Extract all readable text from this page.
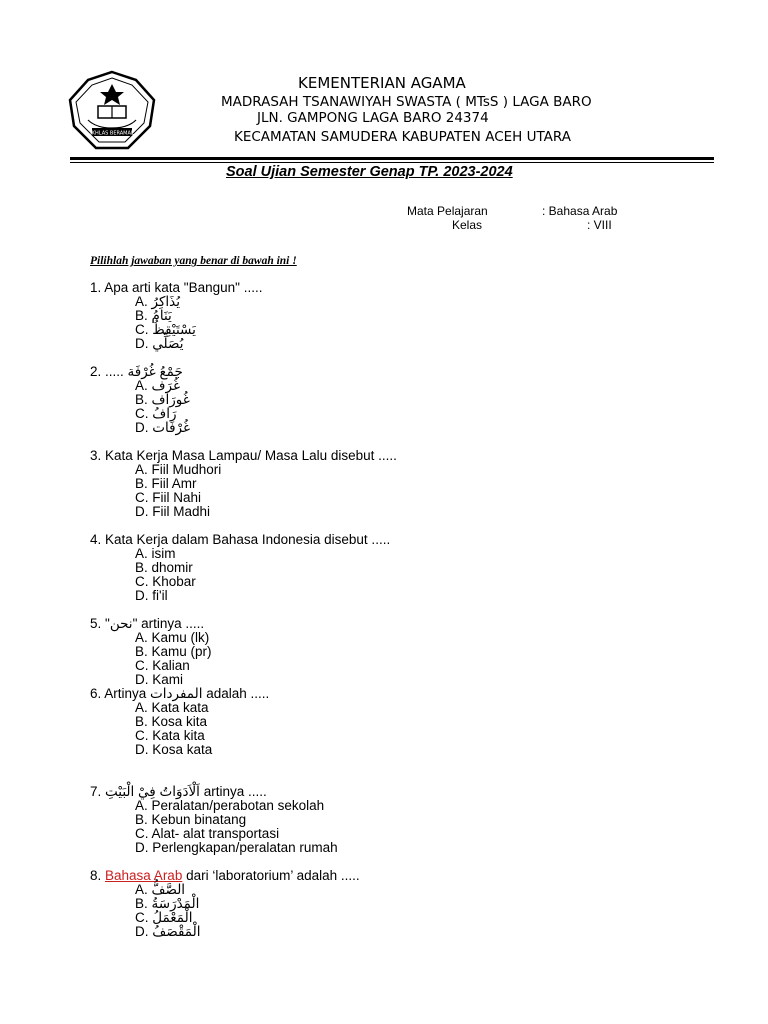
IKHLAS BERAMAL
KEMENTERIAN AGAMA
MADRASAH TSANAWIYAH SWASTA ( MTsS ) LAGA BARO
JLN. GAMPONG LAGA BARO 24374
KECAMATAN SAMUDERA KABUPATEN ACEH UTARA
Soal Ujian Semester Genap TP. 2023-2024
Mata Pelajaran	: Bahasa Arab
Kelas	: VIII
Pilihlah jawaban yang benar di bawah ini !
1. Apa arti kata "Bangun" .....
A. يُذَاكِرُ
B. يَنَامُ
C. يَسْتَيْقِظُ
D. يُصَلِّي
2. ..... جَمْعُ غُرْفَة
A. غُرَف
B. غُورَاف
C. رَافُ
D. غُرْفَات
3. Kata Kerja Masa Lampau/ Masa Lalu disebut .....
A. Fiil Mudhori
B. Fiil Amr
C. Fiil Nahi
D. Fiil Madhi
4. Kata Kerja dalam Bahasa Indonesia disebut .....
A. isim
B. dhomir
C. Khobar
D. fi'il
5. "نحن" artinya .....
A. Kamu (lk)
B. Kamu (pr)
C. Kalian
D. Kami
6. Artinya المفردات adalah .....
A. Kata kata
B. Kosa kita
C. Kata kita
D. Kosa kata
7. اَلْاَدَوَاتُ فِيْ الْبَيْتِ artinya .....
A. Peralatan/perabotan sekolah
B. Kebun binatang
C. Alat- alat transportasi
D. Perlengkapan/peralatan rumah
8. Bahasa Arab dari ‘laboratorium’ adalah .....
A. الصَّفُّ
B. الْمَدْرَسَةُ
C. الْمَعْمَلُ
D. الْمَقْصَفُ
